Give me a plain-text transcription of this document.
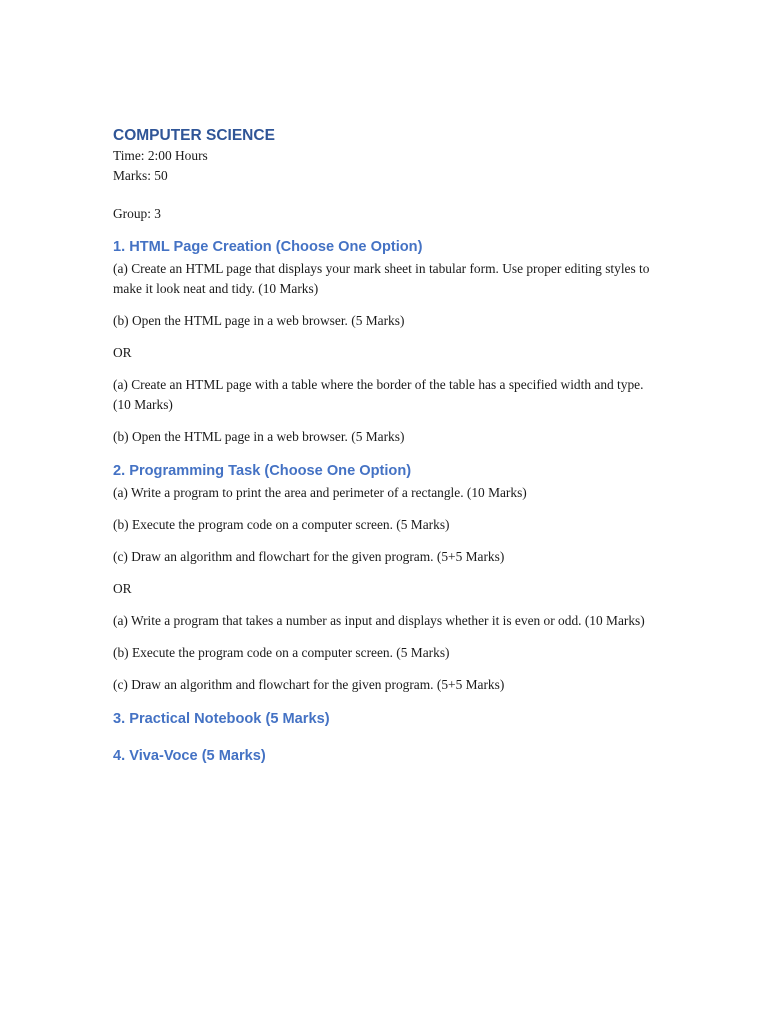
COMPUTER SCIENCE

Time: 2:00 Hours

Marks: 50

Group: 3

1. HTML Page Creation (Choose One Option)

(a) Create an HTML page that displays your mark sheet in tabular form. Use proper editing styles to make it look neat and tidy. (10 Marks)

(b) Open the HTML page in a web browser. (5 Marks)

OR

(a) Create an HTML page with a table where the border of the table has a specified width and type. (10 Marks)

(b) Open the HTML page in a web browser. (5 Marks)

2. Programming Task (Choose One Option)

(a) Write a program to print the area and perimeter of a rectangle. (10 Marks)

(b) Execute the program code on a computer screen. (5 Marks)

(c) Draw an algorithm and flowchart for the given program. (5+5 Marks)

OR

(a) Write a program that takes a number as input and displays whether it is even or odd. (10 Marks)

(b) Execute the program code on a computer screen. (5 Marks)

(c) Draw an algorithm and flowchart for the given program. (5+5 Marks)

3. Practical Notebook (5 Marks)
4. Viva-Voce (5 Marks)
